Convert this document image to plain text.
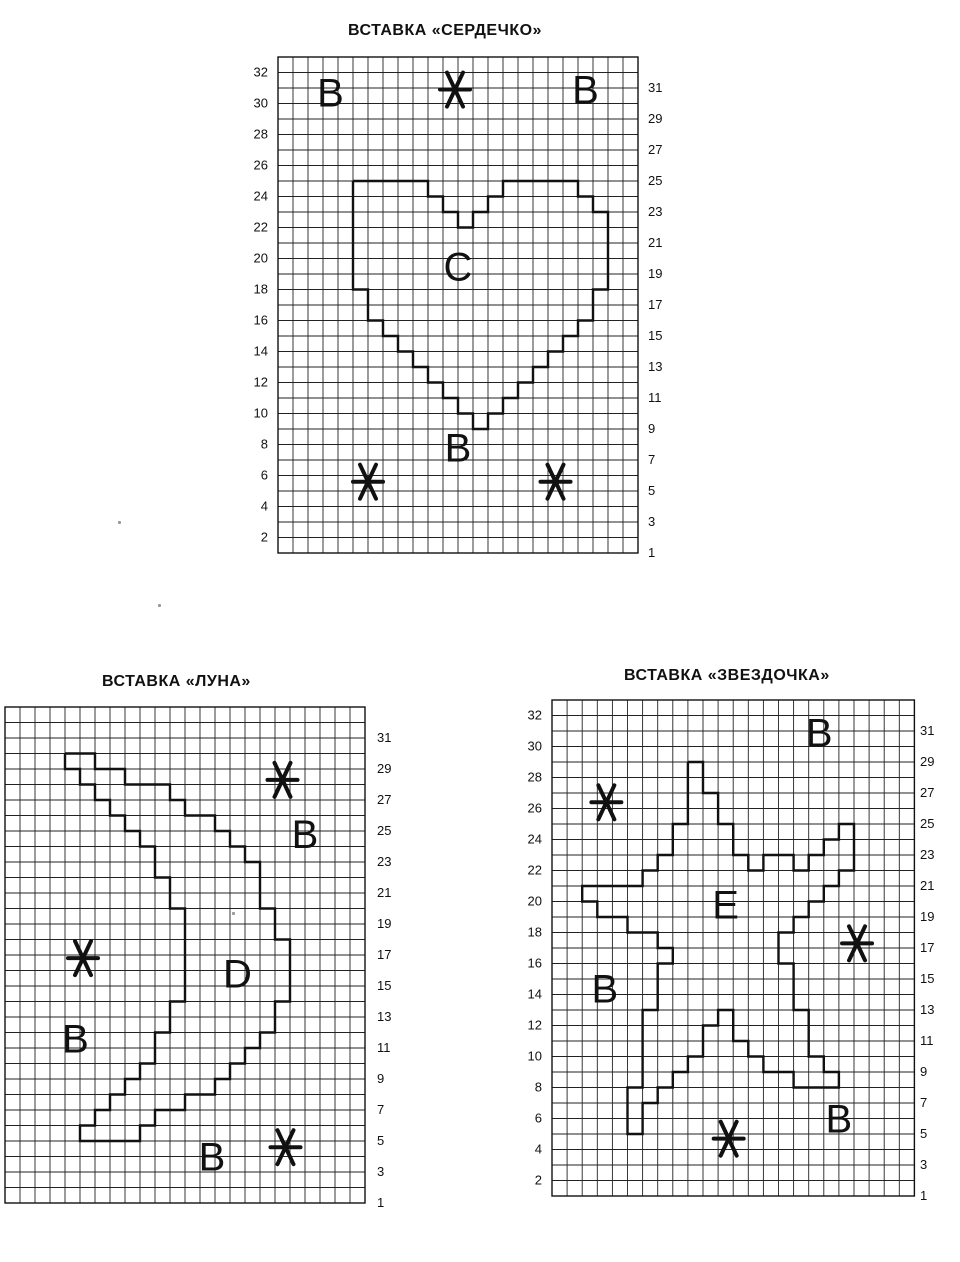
ВСТАВКА «СЕРДЕЧКО»
32
30
28
26
24
22
20
18
16
14
12
10
8
6
4
2
31
29
27
25
23
21
19
17
15
13
11
9
7
5
3
1
B	B
C
B
ВСТАВКА «ЛУНА»
31
29
27
25
23
21
19
17
15
13
11
9
7
5
3
1
B
D
B
B
ВСТАВКА «ЗВЕЗДОЧКА»
32
30
28
26
24
22
20
18
16
14
12
10
8
6
4
2
31
29
27
25
23
21
19
17
15
13
11
9
7
5
3
1
B
E
B
B
